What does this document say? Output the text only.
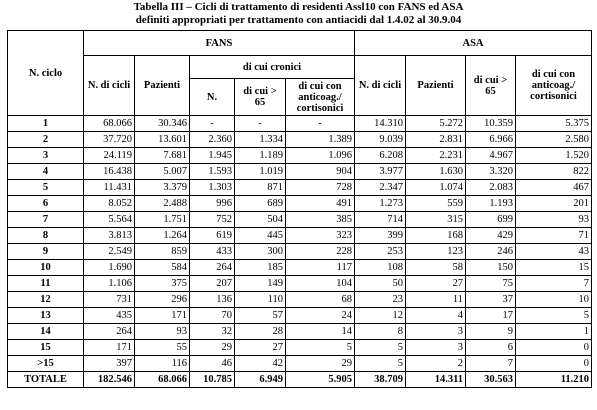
Tabella III – Cicli di trattamento di residenti Assl10 con FANS ed ASA
definiti appropriati per trattamento con antiacidi dal 1.4.02 al 30.9.04
N. ciclo	FANS					ASA			
	N. di cicli	Pazienti	di cui cronici			N. di cicli	Pazienti	di cui > 65	di cui con anticoag./ cortisonici
			N.	di cui > 65	di cui con anticoag./ cortisonici				
1	68.066	30.346	-	-	-	14.310	5.272	10.359	5.375
2	37.720	13.601	2.360	1.334	1.389	9.039	2.831	6.966	2.580
3	24.119	7.681	1.945	1.189	1.096	6.208	2.231	4.967	1.520
4	16.438	5.007	1.593	1.019	904	3.977	1.630	3.320	822
5	11.431	3.379	1.303	871	728	2.347	1.074	2.083	467
6	8.052	2.488	996	689	491	1.273	559	1.193	201
7	5.564	1.751	752	504	385	714	315	699	93
8	3.813	1.264	619	445	323	399	168	429	71
9	2.549	859	433	300	228	253	123	246	43
10	1.690	584	264	185	117	108	58	150	15
11	1.106	375	207	149	104	50	27	75	7
12	731	296	136	110	68	23	11	37	10
13	435	171	70	57	24	12	4	17	5
14	264	93	32	28	14	8	3	9	1
15	171	55	29	27	5	5	3	6	0
>15	397	116	46	42	29	5	2	7	0
TOTALE	182.546	68.066	10.785	6.949	5.905	38.709	14.311	30.563	11.210
